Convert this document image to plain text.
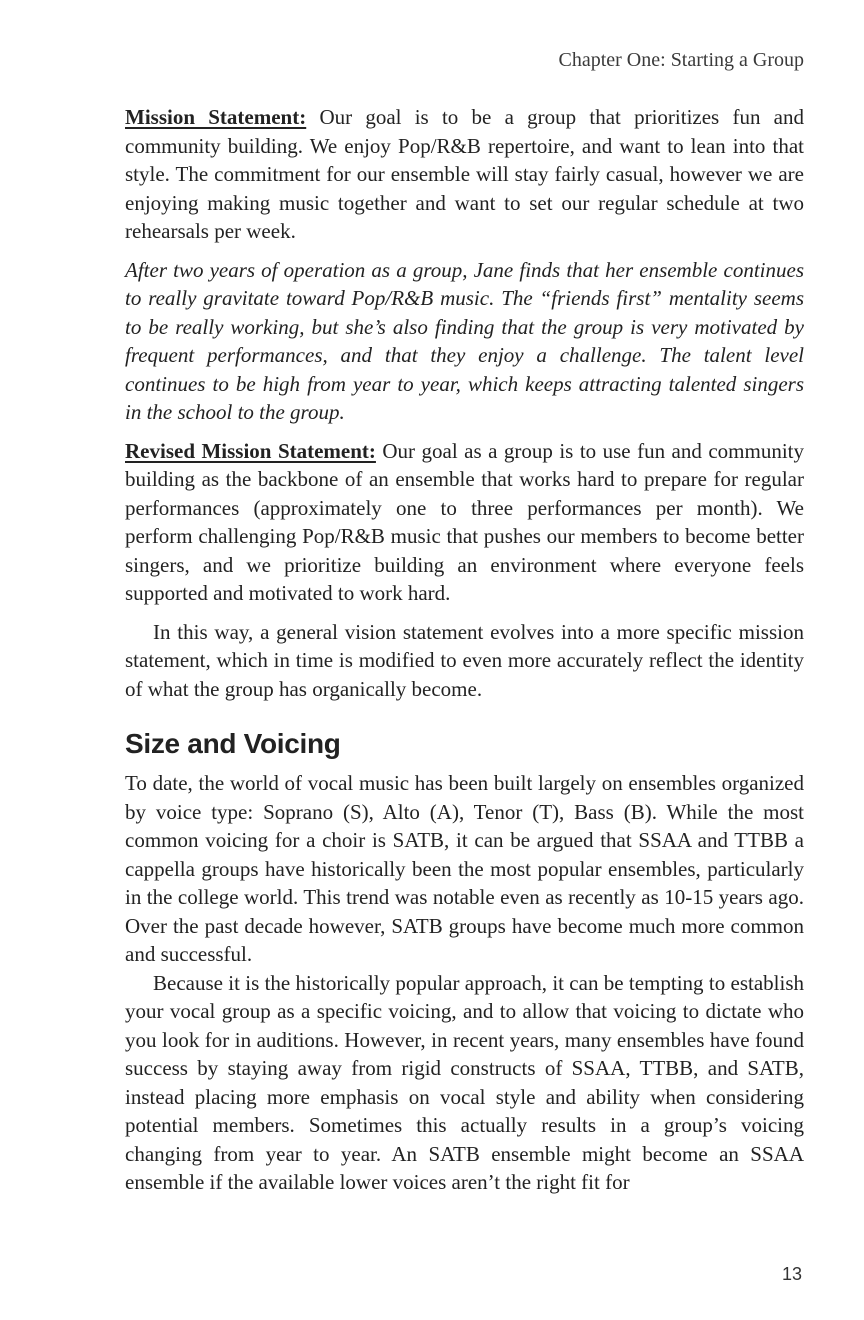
Chapter One: Starting a Group

Mission Statement: Our goal is to be a group that prioritizes fun and community building. We enjoy Pop/R&B repertoire, and want to lean into that style. The commitment for our ensemble will stay fairly casual, however we are enjoying making music together and want to set our regular schedule at two rehearsals per week.

After two years of operation as a group, Jane finds that her ensemble continues to really gravitate toward Pop/R&B music. The “friends first” mentality seems to be really working, but she’s also finding that the group is very motivated by frequent performances, and that they enjoy a challenge. The talent level continues to be high from year to year, which keeps attracting talented singers in the school to the group.

Revised Mission Statement: Our goal as a group is to use fun and community building as the backbone of an ensemble that works hard to prepare for regular performances (approximately one to three performances per month). We perform challenging Pop/R&B music that pushes our members to become better singers, and we prioritize building an environment where everyone feels supported and motivated to work hard.

In this way, a general vision statement evolves into a more specific mission statement, which in time is modified to even more accurately reflect the identity of what the group has organically become.

Size and Voicing

To date, the world of vocal music has been built largely on ensembles organized by voice type: Soprano (S), Alto (A), Tenor (T), Bass (B). While the most common voicing for a choir is SATB, it can be argued that SSAA and TTBB a cappella groups have historically been the most popular ensembles, particularly in the college world. This trend was notable even as recently as 10-15 years ago. Over the past decade however, SATB groups have become much more common and successful.

Because it is the historically popular approach, it can be tempting to establish your vocal group as a specific voicing, and to allow that voicing to dictate who you look for in auditions. However, in recent years, many ensembles have found success by staying away from rigid constructs of SSAA, TTBB, and SATB, instead placing more emphasis on vocal style and ability when considering potential members. Sometimes this actually results in a group’s voicing changing from year to year. An SATB ensemble might become an SSAA ensemble if the available lower voices aren’t the right fit for

13
